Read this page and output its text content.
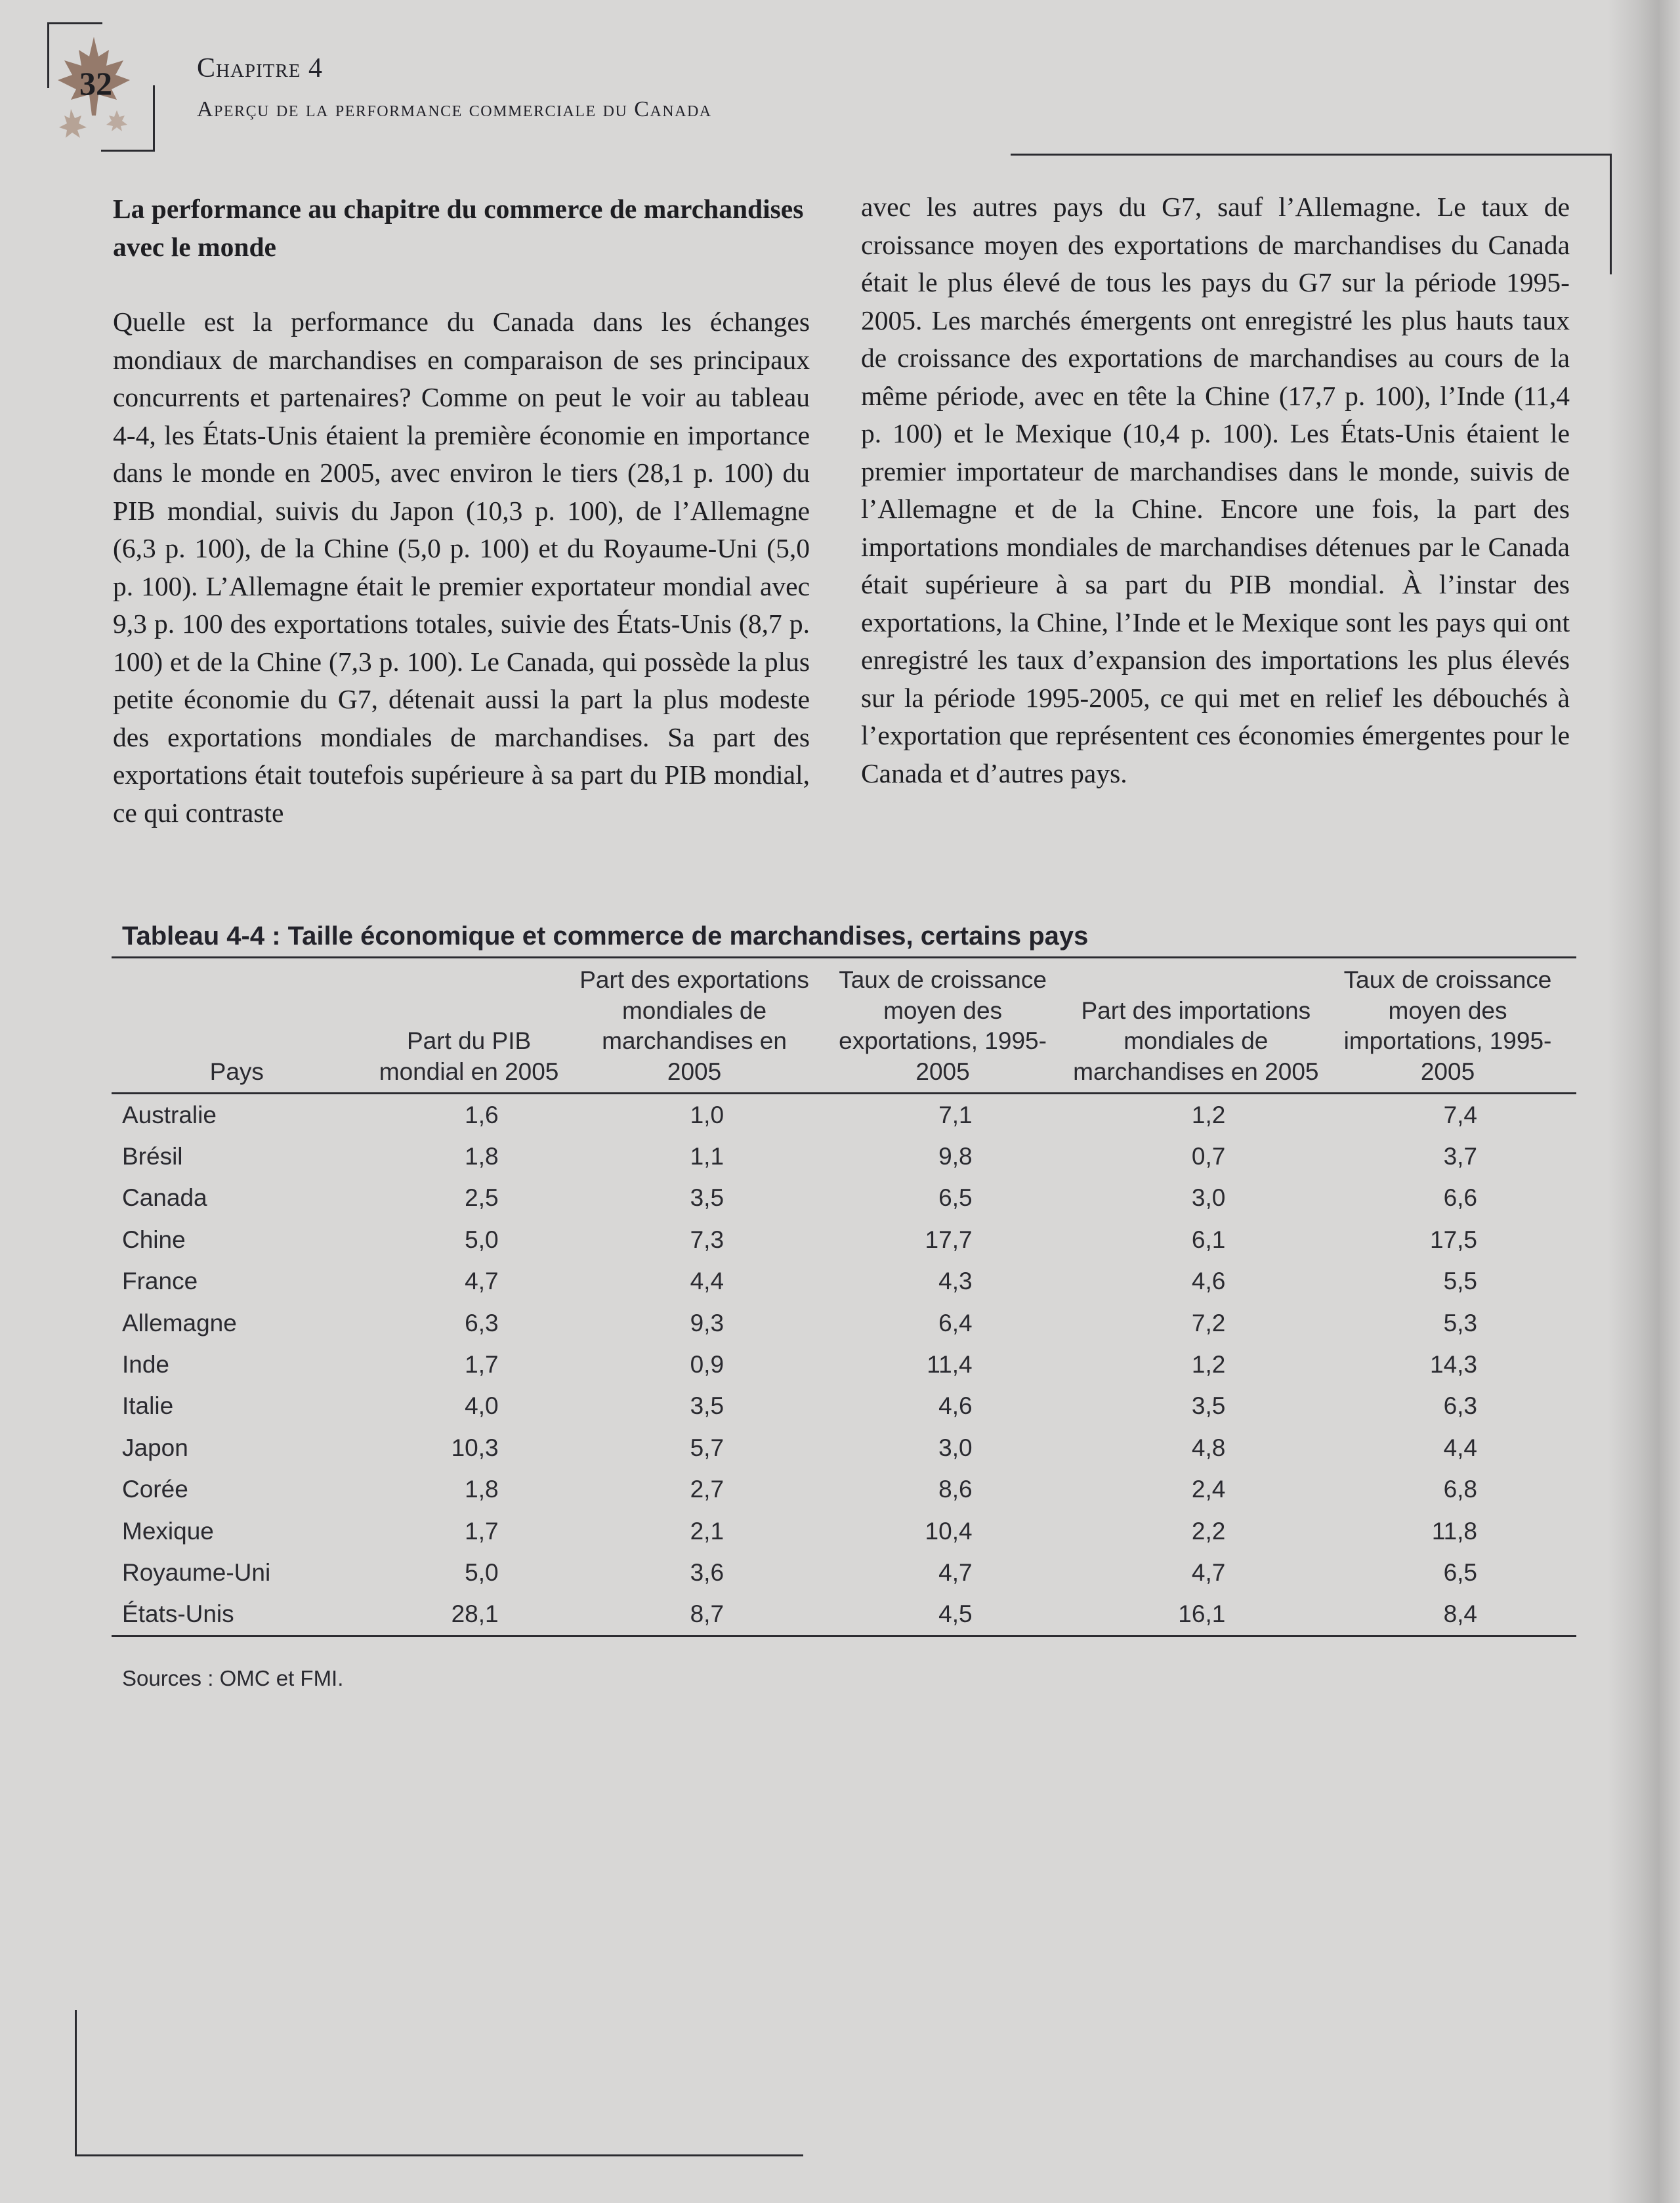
32	Chapitre 4
Aperçu de la performance commerciale du Canada

La performance au chapitre du commerce de marchandises avec le monde

Quelle est la performance du Canada dans les échanges mondiaux de marchandises en comparaison de ses principaux concurrents et partenaires? Comme on peut le voir au tableau 4-4, les États-Unis étaient la première économie en importance dans le monde en 2005, avec environ le tiers (28,1 p. 100) du PIB mondial, suivis du Japon (10,3 p. 100), de l’Allemagne (6,3 p. 100), de la Chine (5,0 p. 100) et du Royaume-Uni (5,0 p. 100). L’Allemagne était le premier exportateur mondial avec 9,3 p. 100 des exportations totales, suivie des États-Unis (8,7 p. 100) et de la Chine (7,3 p. 100). Le Canada, qui possède la plus petite économie du G7, détenait aussi la part la plus modeste des exportations mondiales de marchandises. Sa part des exportations était toutefois supérieure à sa part du PIB mondial, ce qui contraste

avec les autres pays du G7, sauf l’Allemagne. Le taux de croissance moyen des exportations de marchandises du Canada était le plus élevé de tous les pays du G7 sur la période 1995-2005. Les marchés émergents ont enregistré les plus hauts taux de croissance des exportations de marchandises au cours de la même période, avec en tête la Chine (17,7 p. 100), l’Inde (11,4 p. 100) et le Mexique (10,4 p. 100). Les États-Unis étaient le premier importateur de marchandises dans le monde, suivis de l’Allemagne et de la Chine. Encore une fois, la part des importations mondiales de marchandises détenues par le Canada était supérieure à sa part du PIB mondial. À l’instar des exportations, la Chine, l’Inde et le Mexique sont les pays qui ont enregistré les taux d’expansion des importations les plus élevés sur la période 1995-2005, ce qui met en relief les débouchés à l’exportation que représentent ces économies émergentes pour le Canada et d’autres pays.

Tableau 4-4 : Taille économique et commerce de marchandises, certains pays
Pays	Part du PIB mondial en 2005	Part des exportations mondiales de marchandises en 2005	Taux de croissance moyen des exportations, 1995-2005	Part des importations mondiales de marchandises en 2005	Taux de croissance moyen des importations, 1995-2005
Australie	1,6	1,0	7,1	1,2	7,4
Brésil	1,8	1,1	9,8	0,7	3,7
Canada	2,5	3,5	6,5	3,0	6,6
Chine	5,0	7,3	17,7	6,1	17,5
France	4,7	4,4	4,3	4,6	5,5
Allemagne	6,3	9,3	6,4	7,2	5,3
Inde	1,7	0,9	11,4	1,2	14,3
Italie	4,0	3,5	4,6	3,5	6,3
Japon	10,3	5,7	3,0	4,8	4,4
Corée	1,8	2,7	8,6	2,4	6,8
Mexique	1,7	2,1	10,4	2,2	11,8
Royaume-Uni	5,0	3,6	4,7	4,7	6,5
États-Unis	28,1	8,7	4,5	16,1	8,4
Sources : OMC et FMI.
